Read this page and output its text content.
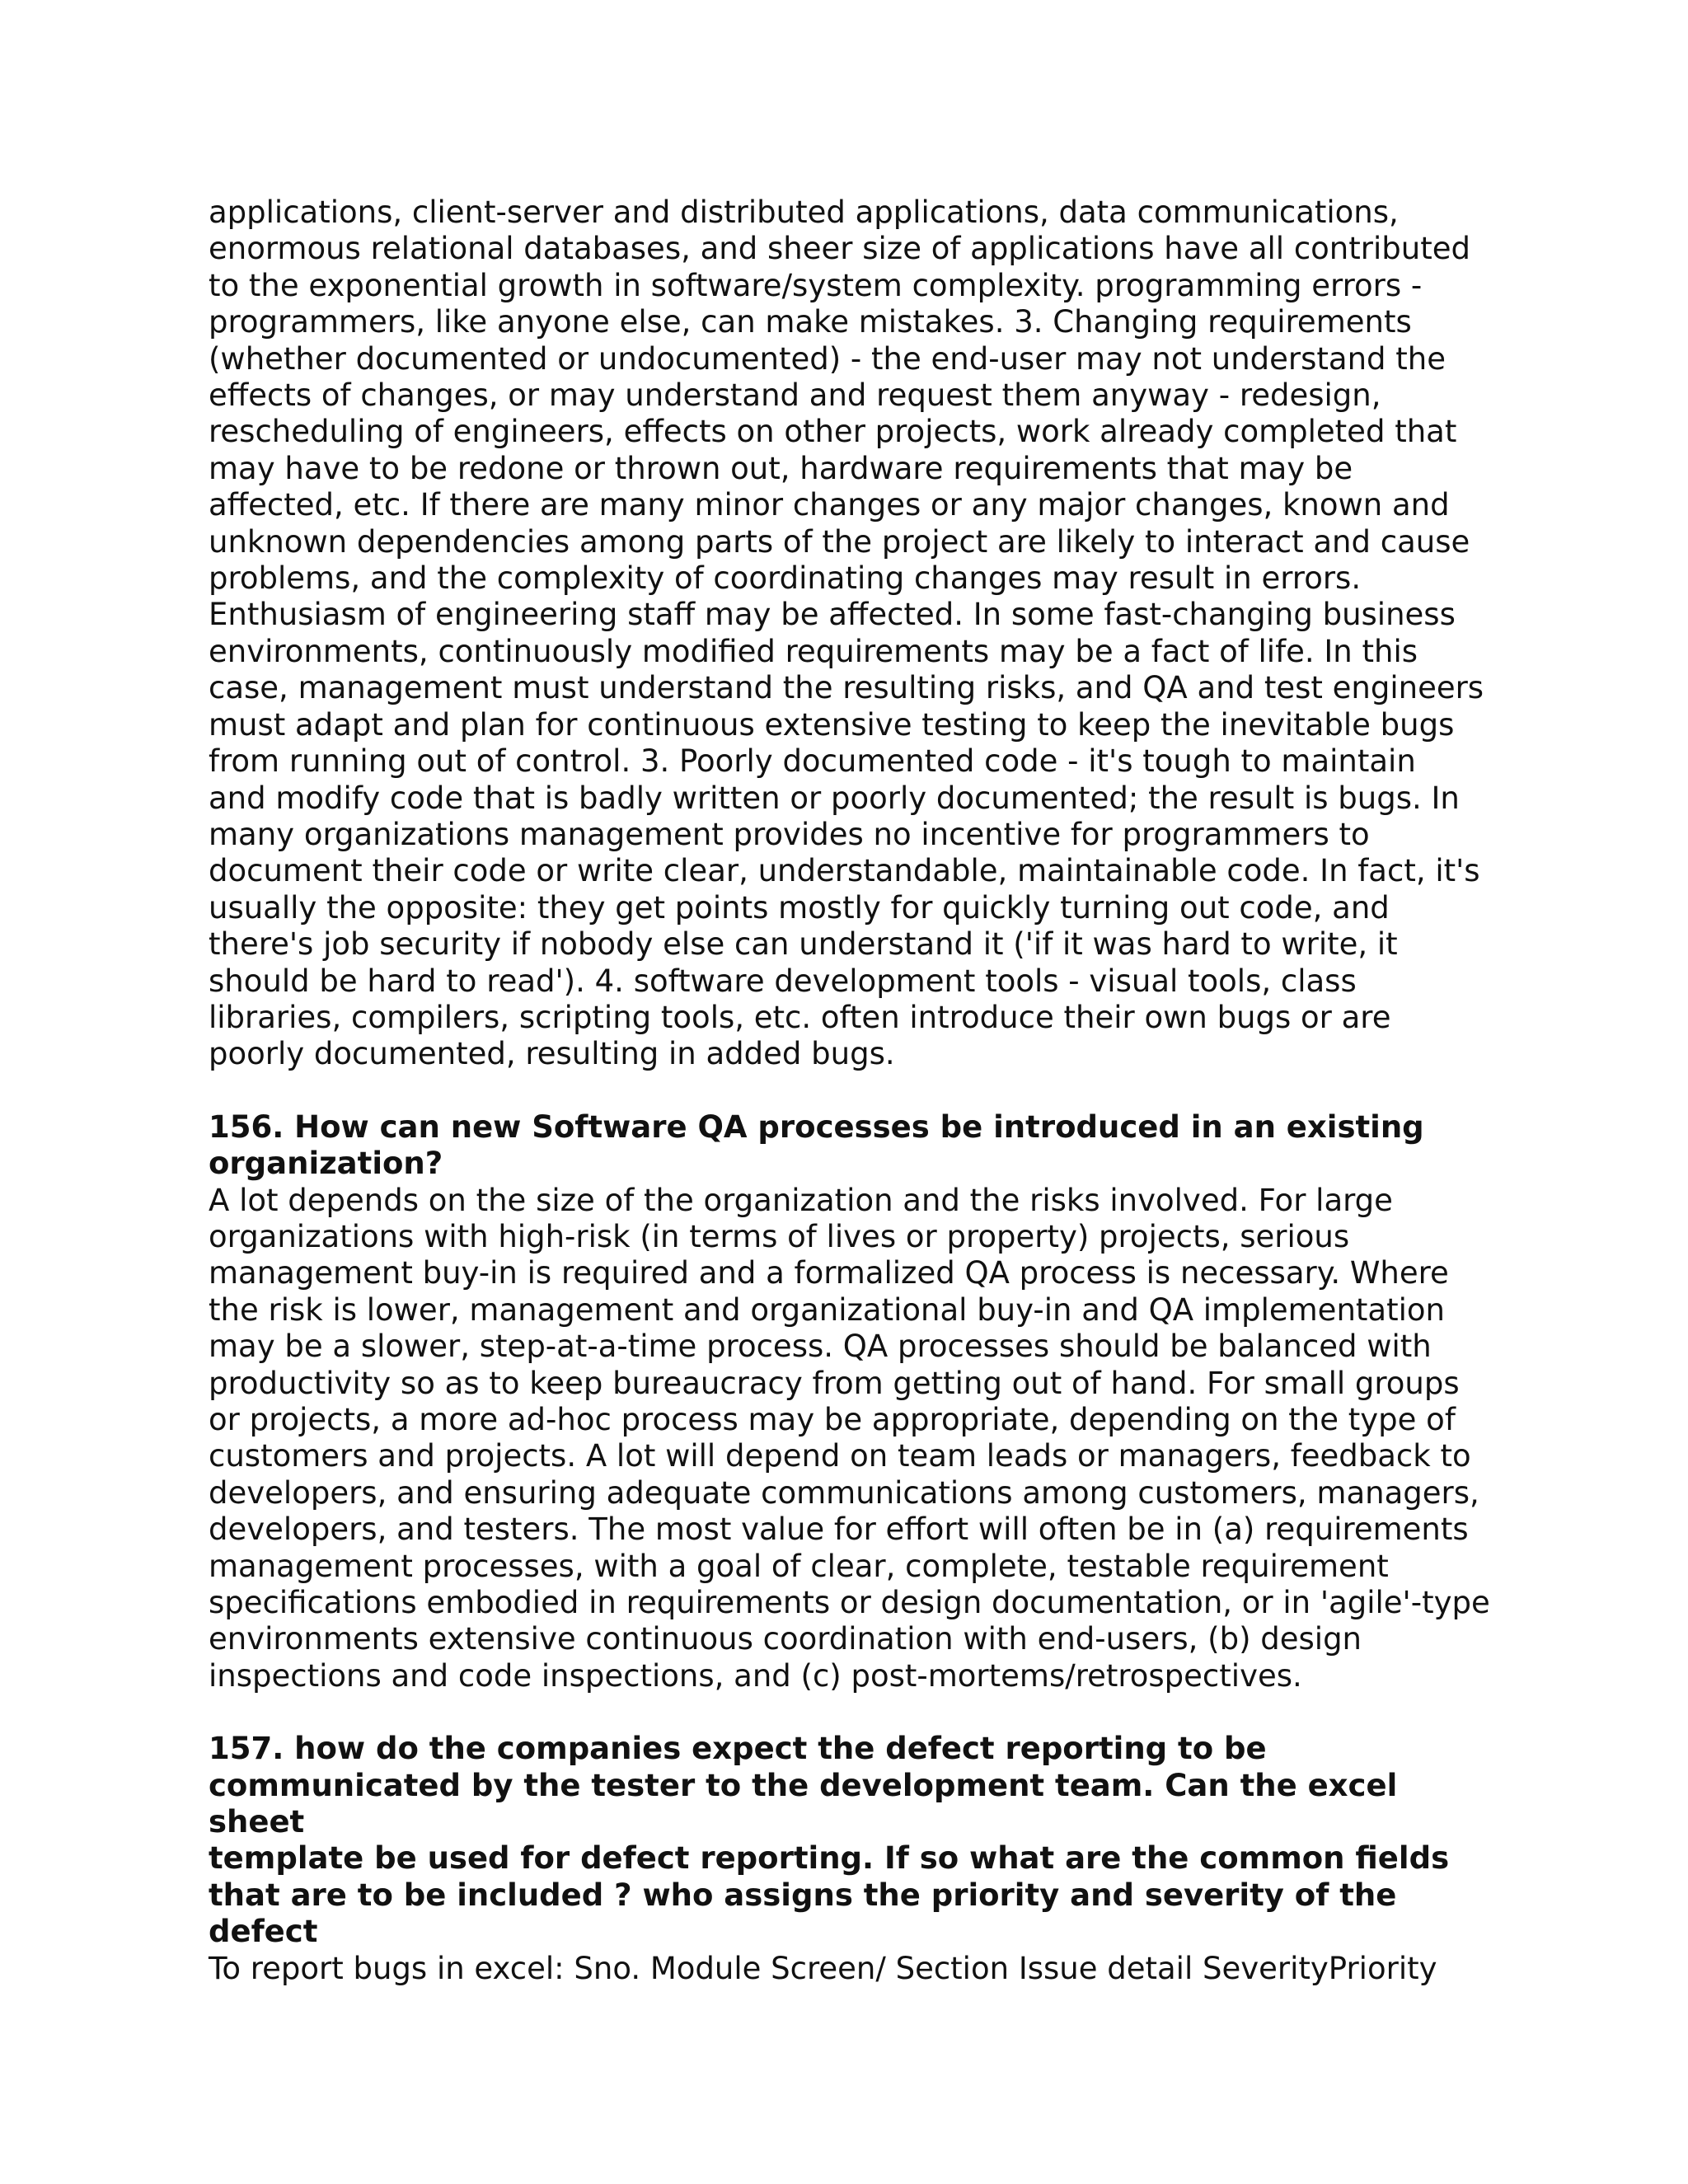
applications, client-server and distributed applications, data communications,
enormous relational databases, and sheer size of applications have all contributed
to the exponential growth in software/system complexity. programming errors -
programmers, like anyone else, can make mistakes. 3. Changing requirements
(whether documented or undocumented) - the end-user may not understand the
effects of changes, or may understand and request them anyway - redesign,
rescheduling of engineers, effects on other projects, work already completed that
may have to be redone or thrown out, hardware requirements that may be
affected, etc. If there are many minor changes or any major changes, known and
unknown dependencies among parts of the project are likely to interact and cause
problems, and the complexity of coordinating changes may result in errors.
Enthusiasm of engineering staff may be affected. In some fast-changing business
environments, continuously modified requirements may be a fact of life. In this
case, management must understand the resulting risks, and QA and test engineers
must adapt and plan for continuous extensive testing to keep the inevitable bugs
from running out of control. 3. Poorly documented code - it's tough to maintain
and modify code that is badly written or poorly documented; the result is bugs. In
many organizations management provides no incentive for programmers to
document their code or write clear, understandable, maintainable code. In fact, it's
usually the opposite: they get points mostly for quickly turning out code, and
there's job security if nobody else can understand it ('if it was hard to write, it
should be hard to read'). 4. software development tools - visual tools, class
libraries, compilers, scripting tools, etc. often introduce their own bugs or are
poorly documented, resulting in added bugs.

156. How can new Software QA processes be introduced in an existing
organization?

A lot depends on the size of the organization and the risks involved. For large
organizations with high-risk (in terms of lives or property) projects, serious
management buy-in is required and a formalized QA process is necessary. Where
the risk is lower, management and organizational buy-in and QA implementation
may be a slower, step-at-a-time process. QA processes should be balanced with
productivity so as to keep bureaucracy from getting out of hand. For small groups
or projects, a more ad-hoc process may be appropriate, depending on the type of
customers and projects. A lot will depend on team leads or managers, feedback to
developers, and ensuring adequate communications among customers, managers,
developers, and testers. The most value for effort will often be in (a) requirements
management processes, with a goal of clear, complete, testable requirement
specifications embodied in requirements or design documentation, or in 'agile'-type
environments extensive continuous coordination with end-users, (b) design
inspections and code inspections, and (c) post-mortems/retrospectives.

157. how do the companies expect the defect reporting to be
communicated by the tester to the development team. Can the excel sheet
template be used for defect reporting. If so what are the common fields
that are to be included ? who assigns the priority and severity of the
defect

To report bugs in excel: Sno. Module Screen/ Section Issue detail SeverityPriority
